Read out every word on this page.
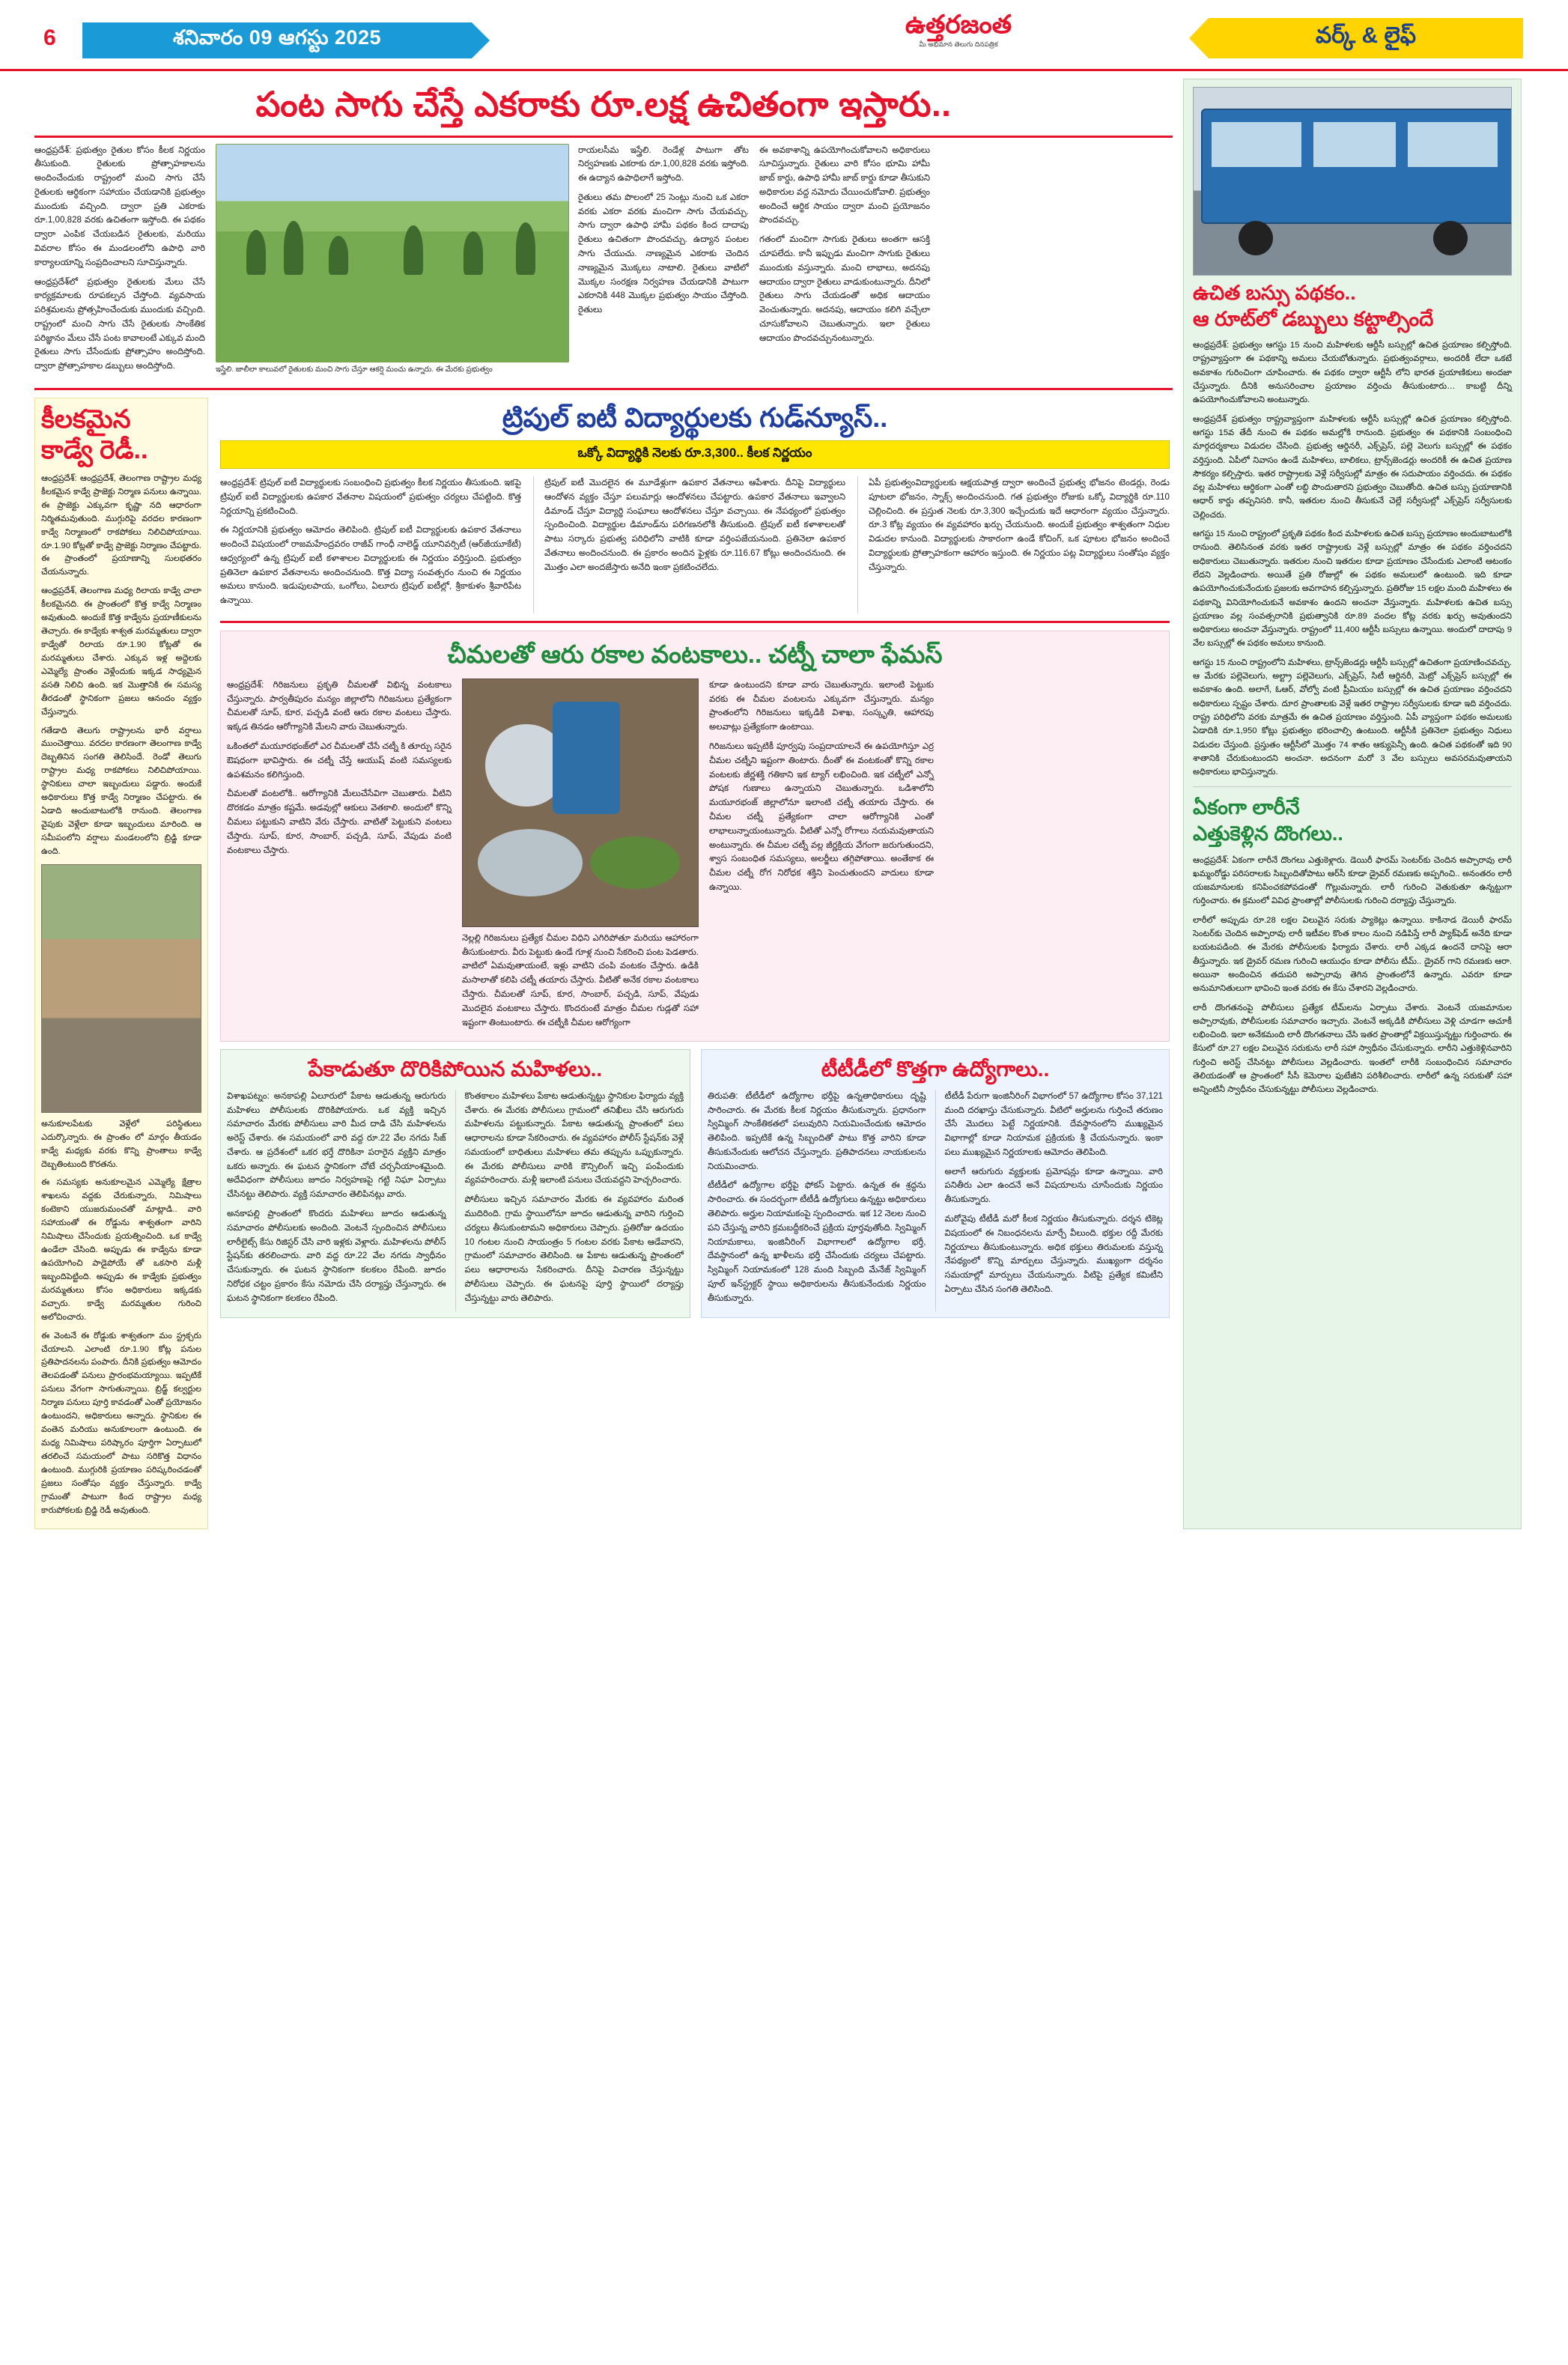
6	శనివారం 09 ఆగస్టు 2025	ఉత్తరజంత
మీ అభిమాన తెలుగు దినపత్రిక	వర్క్ & లైఫ్
పంట సాగు చేస్తే ఎకరాకు రూ.లక్ష ఉచితంగా ఇస్తారు..

ఆంధ్రప్రదేశ్: ప్రభుత్వం రైతుల కోసం కీలక నిర్ణయం తీసుకుంది. రైతులకు ప్రోత్సాహకాలను అందించేందుకు రాష్ట్రంలో మంచి సాగు చేసే రైతులకు ఆర్థికంగా సహాయం చేయడానికి ప్రభుత్వం ముందుకు వచ్చింది. ద్వారా ప్రతి ఎకరాకు రూ.1,00,828 వరకు ఉచితంగా ఇస్తోంది. ఈ పథకం ద్వారా ఎంపిక చేయబడిన రైతులకు, మరియు వివరాల కోసం ఈ మండలంలోని ఉపాధి వారి కార్యాలయాన్ని సంప్రదించాలని సూచిస్తున్నారు.

ఆంధ్రప్రదేశ్‌లో ప్రభుత్వం రైతులకు మేలు చేసే కార్యక్రమాలకు రూపకల్పన చేస్తోంది. వ్యవసాయ పరిశ్రమలను ప్రోత్సహించేందుకు ముందుకు వచ్చింది. రాష్ట్రంలో మంచి సాగు చేసే రైతులకు సాంకేతిక పరిజ్ఞానం మేలు చేసే పంట కావాలంటే ఎక్కువ మంది రైతులు సాగు చేసేందుకు ప్రోత్సాహం అందిస్తోంది. ద్వారా ప్రోత్సాహకాల డబ్బులు అందిస్తోంది.	ఇస్త్రేలి. జాలీలా కాలువలో రైతులకు మంచి సాగు చేస్తూ ఆకర్షి మంచు ఉన్నారు. ఈ మేరకు ప్రభుత్వం

రాయలసీమ ఇస్త్రేలి. రెండేళ్ల పాటుగా తోట నిర్వహణకు ఎకరాకు రూ.1,00,828 వరకు ఇస్తోంది. ఈ ఉద్యాన ఉపాధిలాగే ఇస్తోంది.

రైతులు తమ పొలంలో 25 సెంట్లు నుంచి ఒక ఎకరా వరకు ఎకరా వరకు మంచిగా సాగు చేయవచ్చు. సాగు ద్వారా ఉపాధి హామీ పథకం కింద దాదాపు రైతులు ఉచితంగా పొందవచ్చు. ఉద్యాన పంటల సాగు చేయుచు. నాణ్యమైన ఎకరాకు చెందిన నాణ్యమైన మొక్కలు నాటాలి. రైతులు వాటిలో మొక్కల సంరక్షణ నిర్వహణ చేయడానికి పాటుగా ఎకరానికి 448 మొక్కల ప్రభుత్వం సాయం చేస్తోంది. రైతులు

ఈ అవకాశాన్ని ఉపయోగించుకోవాలని అధికారులు సూచిస్తున్నారు. రైతులు వారి కోసం భూమి హామీ జాబ్ కార్డు, ఉపాధి హామీ జాబ్ కార్డు కూడా తీసుకుని అధికారుల వద్ద నమోదు చేయించుకోవాలి. ప్రభుత్వం అందించే ఆర్థిక సాయం ద్వారా మంచి ప్రయోజనం పొందవచ్చు.

గతంలో మంచిగా సాగుకు రైతులు అంతగా ఆసక్తి చూపలేదు. కానీ ఇప్పుడు మంచిగా సాగుకు రైతులు ముందుకు వస్తున్నారు. మంచి లాభాలు, అదనపు ఆదాయం ద్వారా రైతులు వాడుకుంటున్నారు. దీనిలో రైతులు సాగు చేయడంతో అధిక ఆదాయం వెంచుతున్నారు. అదనపు, ఆదాయం కలిగి వచ్చేలా చూసుకోవాలని చెబుతున్నారు. ఇలా రైతులు ఆదాయం పొందవచ్చునంటున్నారు.

కీలకమైన
కాడ్వే రెడీ..

ఆంధ్రప్రదేశ్: ఆంధ్రప్రదేశ్, తెలంగాణ రాష్ట్రాల మధ్య కీలకమైన కాడ్వే ప్రాజెక్టు నిర్మాణ పనులు ఉన్నాయి. ఈ ప్రాజెక్టు ఎక్కువగా కృష్ణా నది ఆధారంగా నిర్మితమవుతుంది. ముగ్గురిపై వరదల కారణంగా కాడ్వే నిర్మాణంలో రాకపోకలు నిలిచిపోయాయి. రూ.1.90 కోట్లతో కాడ్వే ప్రాజెక్టు నిర్మాణం చేపట్టారు. ఈ ప్రాంతంలో ప్రయాణాన్ని సులభతరం చేయనున్నారు.

ఆంధ్రప్రదేశ్, తెలంగాణ మధ్య రిలాయ కాడ్వే చాలా కీలకమైనది. ఈ ప్రాంతంలో కొత్త కాడ్వే నిర్మాణం అవుతుంది. అందుకే కొత్త కాడ్వేను ప్రయాణీకులను తెచ్చారు. ఈ కాడ్వేకు శాశ్వత మరమ్మతులు ద్వారా కాడ్వేతో రిలాయ రూ.1.90 కోట్లతో ఈ మరమ్మతులు చేశారు. ఎక్కువ ఇళ్ల అద్దెలకు ఎమ్మెల్యే ప్రాంతం వెళ్లేందుకు ఇక్కడ సాధ్యమైన వసతి నిలిచి ఉంది. ఇక మొత్తానికి ఈ సమస్య తీరడంతో స్థానికంగా ప్రజలు ఆనందం వ్యక్తం చేస్తున్నారు.

గతేడాది తెలుగు రాష్ట్రాలను భారీ వర్షాలు ముంచెత్తాయి. వరదల కారణంగా తెలంగాణ కాడ్వే దెబ్బతినిన సంగతి తెలిసిందే. రెండో తెలుగు రాష్ట్రాల మధ్య రాకపోకలు నిలిచిపోయాయి. స్థానికులు చాలా ఇబ్బందులు పడ్డారు. అందుకే అధికారులు కొత్త కాడ్వే నిర్మాణం చేపట్టారు. ఈ ఏడాది అందుబాటులోకి రానుంది. తెలంగాణ వైపుకు వెళ్లేలా కూడా ఇబ్బందులు మారింది. ఆ సమీపంలోని వర్షాలు మండలంలోని బ్రిడ్జి కూడా ఉంది.

అనుకూలపేటకు వెళ్లేలో పరిస్థితులు ఎదుర్కొన్నారు. ఈ ప్రాంతం లో మార్గం తీయడం కాడ్వే మధ్యకు వరకు కొన్ని ప్రాంతాలు కాడ్వే దెబ్బతింటుంది కొరతను.

ఈ సమస్యకు అనుకూలమైన ఎమ్మెల్యే క్షేత్రాల శాఖలను వద్దకు చేరుకున్నారు, నిమిషాలు కంటెకాని యుజరుమంచతో మాట్లాడి.. వారి సహాయంతో ఈ రోడ్డును శాశ్వతంగా వారిని నిమిషాలు చేసేందుకు ప్రయత్నించింది. ఒక కాడ్వే ఉండేలా చేసింది. అప్పుడు ఈ కాడ్వేను కూడా ఉపయోగించి పాడైపోయే తో ఒకసారి మళ్లీ ఇబ్బందిపెట్టింది. అప్పుడు ఈ కాడ్వేకు ప్రభుత్వం మరమ్మతులు కోసం అధికారులు ఇక్కడకు వచ్చారు. కాడ్వే మరమ్మతుల గురించి అలోచించారు.

ఈ వెంటనే ఈ రోడ్డుకు శాశ్వతంగా మం స్ట్రక్చరు చేయాలని. ఎలాంటి రూ.1.90 కోట్ల పనుల ప్రతిపాదనలను పంపారు. దీనికి ప్రభుత్వం ఆమోదం తెలపడంతో పనులు ప్రారంభమయ్యాయి. ఇప్పటికే పనులు వేగంగా సాగుతున్నాయి. బ్రిడ్జ్ కల్వర్టుల నిర్మాణ పనులు పూర్తి కావడంతో ఎంతో ప్రయోజనం ఉంటుందని, అధికారులు అన్నారు. స్థానికుల ఈ వంతెన మరియు అనుకూలంగా ఉంటుంది. ఈ మధ్య నిమిషాలు పరిష్కారం పూర్తిగా ఏర్పాటులో తరలించే సమయంలో పాటు సరికొత్త విధానం ఉంటుంది. ముగ్గురికి ప్రయాణం పరిష్కరించడంతో ప్రజలు సంతోషం వ్యక్తం చేస్తున్నారు. కాడ్వే గ్రామంతో పాటుగా కింద రాష్ట్రాల మధ్య కారుపోకలకు బ్రిడ్జి రెడీ అవుతుంది.

ట్రిపుల్ ఐటీ విద్యార్థులకు గుడ్‌న్యూస్..
ఒక్కో విద్యార్థికి నెలకు రూ.3,300.. కీలక నిర్ణయం

ఆంధ్రప్రదేశ్: ట్రిపుల్ ఐటీ విద్యార్థులకు సంబంధించి ప్రభుత్వం కీలక నిర్ణయం తీసుకుంది. ఇకపై ట్రిపుల్ ఐటీ విద్యార్థులకు ఉపకార వేతనాల విషయంలో ప్రభుత్వం చర్యలు చేపట్టింది. కొత్త నిర్ణయాన్ని ప్రకటించింది.

ఈ నిర్ణయానికి ప్రభుత్వం ఆమోదం తెలిపింది. ట్రిపుల్ ఐటీ విద్యార్థులకు ఉపకార వేతనాలు అందించే విషయంలో రాజమహేంద్రవరం రాజీవ్ గాంధీ నాలెడ్జ్ యూనివర్సిటీ (ఆర్‌జీయూకేటీ) ఆధ్వర్యంలో ఉన్న ట్రిపుల్ ఐటీ కళాశాలల విద్యార్థులకు ఈ నిర్ణయం వర్తిస్తుంది. ప్రభుత్వం ప్రతినెలా ఉపకార వేతనాలను అందించనుంది. కొత్త విద్యా సంవత్సరం నుంచి ఈ నిర్ణయం అమలు కానుంది. ఇడుపులపాయ, ఒంగోలు, ఏలూరు ట్రిపుల్ ఐటీల్లో, శ్రీకాకుళం శ్రీవారిపేట ఉన్నాయి.

ట్రిపుల్ ఐటీ మొదలైన ఈ మూడేళ్లుగా ఉపకార వేతనాలు ఆపేశారు. దీనిపై విద్యార్థులు ఆందోళన వ్యక్తం చేస్తూ పలుమార్లు ఆందోళనలు చేపట్టారు. ఉపకార వేతనాలు ఇవ్వాలని డిమాండ్ చేస్తూ విద్యార్థి సంఘాలు ఆందోళనలు చేస్తూ వచ్చాయి. ఈ నేపథ్యంలో ప్రభుత్వం స్పందించింది. విద్యార్థుల డిమాండ్‌ను పరిగణనలోకి తీసుకుంది. ట్రిపుల్ ఐటీ కళాశాలలతో పాటు సర్కారు ప్రభుత్వ పరిధిలోని వాటికి కూడా వర్తింపజేయనుంది. ప్రతినెలా ఉపకార వేతనాలు అందించనుంది. ఈ ప్రకారం అందిన ఫైళ్లకు రూ.116.67 కోట్లు అందించనుంది. ఈ మొత్తం ఎలా అందజేస్తారు అనేది ఇంకా ప్రకటించలేదు.

ఏపీ ప్రభుత్వంవిద్యార్థులకు ఆక్షయపాత్ర ద్వారా అందించే ప్రభుత్వ భోజనం టెండర్లు, రెండు పూటలా భోజనం, స్నాక్స్ అందించనుంది. గత ప్రభుత్వం రోజుకు ఒక్కో విద్యార్థికి రూ.110 చెల్లించింది. ఈ ప్రస్తుత నెలకు రూ.3,300 ఇచ్చేందుకు ఇదే ఆధారంగా వ్యయం చేస్తున్నారు. రూ.3 కోట్ల వ్యయం ఈ వ్యవహారం ఖర్చు చేయనుంది. అందుకే ప్రభుత్వం శాశ్వతంగా నిధుల విడుదల కానుంది. విద్యార్థులకు సాకారంగా ఉండే కోచింగ్, ఒక పూటల భోజనం అందించే విద్యార్థులకు ప్రోత్సాహకంగా ఆహారం ఇస్తుంది. ఈ నిర్ణయం పట్ల విద్యార్థులు సంతోషం వ్యక్తం చేస్తున్నారు.

చీమలతో ఆరు రకాల వంటకాలు.. చట్నీ చాలా ఫేమస్

ఆంధ్రప్రదేశ్: గిరిజనులు ప్రకృతి చీమలతో విభిన్న వంటకాలు చేస్తున్నారు. పార్వతీపురం మన్యం జిల్లాలోని గిరిజనులు ప్రత్యేకంగా చీమలతో సూప్, కూర, పచ్చడి వంటి ఆరు రకాల వంటలు చేస్తారు. ఇక్కడ తినడం ఆరోగ్యానికి మేలని వారు చెబుతున్నారు.

ఒకింతలో మయూరభంజ్‌లో ఎర చీమలతో చేసే చట్నీ కి తూర్పు సరైన ఔషధంగా భావిస్తారు. ఈ చట్నీ చేస్తే ఆయుష్ వంటి సమస్యలకు ఉపశమనం కలిగిస్తుంది.

చీమలతో వంటలోకి.. ఆరోగ్యానికి మేలుచేసేవిగా చెబుతారు. వీటిని దొరకడం మాత్రం కష్టమే. అడవుల్లో ఆకులు వెతకాలి. అందులో కొన్ని చీమలు పట్టుకుని వాటిని వేరు చేస్తారు. వాటితో పెట్టుకుని వంటలు చేస్తారు. సూప్, కూర, సాంబార్, పచ్చడి, సూప్, వేపుడు వంటి వంటకాలు చేస్తారు.

నెల్లల్లి గిరిజనులు ప్రత్యేక చీమల విధిని ఎగిరిపోతూ మరియు ఆహారంగా తీసుకుంటారు. వీరు పెట్టుకు ఉండే గూళ్ల నుంచి సేకరించి పంట పెడతారు. వాటిలో ఏమవుతాయంటే, ఇళ్లు వాటిని చంపి వంటకం చేస్తారు. ఉడికి మసాలాతో కలిపి చట్నీ తయారు చేస్తారు. వీటితో అనేక రకాల వంటకాలు చేస్తారు. చీమలతో సూప్, కూర, సాంబార్, పచ్చడి, సూప్, వేపుడు మొదలైన వంటకాలు చేస్తారు. కొందరుంటే మాత్రం చీమల గుడ్లతో సహా ఇష్టంగా తింటుంటారు. ఈ చట్నీకి చీమల ఆరోగ్యంగా

కూడా ఉంటుందని కూడా వారు చెబుతున్నారు. ఇలాంటి పెట్టుకు వరకు ఈ చీమల వంటలను ఎక్కువగా చేస్తున్నారు. మన్యం ప్రాంతంలోని గిరిజనులు ఇక్కడికి విశాఖ, సంస్కృతి, ఆహారపు అలవాట్లు ప్రత్యేకంగా ఉంటాయి.

గిరిజనులు ఇప్పటికీ పూర్వపు సంప్రదాయాలనే ఈ ఉపయోగిస్తూ ఎర్ర చీమల చట్నీని ఇష్టంగా తింటారు. దీంతో ఈ వంటకంతో కొన్ని రకాల వంటలకు జీర్ణశక్తి గతికాని ఇక ట్యాగ్ లభించింది. ఇక చట్నీలో ఎన్నో పోషక గుణాలు ఉన్నాయని చెబుతున్నారు. ఒడిశాలోని మయూరభంజ్ జిల్లాలోనూ ఇలాంటి చట్నీ తయారు చేస్తారు. ఈ చీమల చట్నీ ప్రత్యేకంగా చాలా ఆరోగ్యానికి ఎంతో లాభాలున్నాయంటున్నారు. వీటితో ఎన్నో రోగాలు నయమవుతాయని అంటున్నారు. ఈ చీమల చట్నీ వల్ల జీర్ణక్రియ వేగంగా జరుగుతుందని, శ్వాస సంబంధిత సమస్యలు, అలర్జీలు తగ్గిపోతాయి. అంతేకాక ఈ చీమల చట్నీ రోగ నిరోధక శక్తిని పెంచుతుందని వాదులు కూడా ఉన్నాయి.

పేకాడుతూ దొరికిపోయిన మహిళలు..

విశాఖపట్నం: అనకాపల్లి ఏలూరులో పేకాట ఆడుతున్న ఆరుగురు మహిళలు పోలీసులకు దొరికిపోయారు. ఒక వ్యక్తి ఇచ్చిన సమాచారం మేరకు పోలీసులు వారి మీద దాడి చేసి మహిళలను అరెస్ట్ చేశారు. ఈ సమయంలో వారి వద్ద రూ.22 వేల నగదు సీజ్ చేశారు. ఆ ప్రదేశంలో ఒకర భర్తే దొరికినా పరారైన వ్యక్తిని మాత్రం ఒకరు అన్నారు. ఈ ఘటన స్థానికంగా చోటే చర్చనీయాంశమైంది. అదేవిధంగా పోలీసులు జూదం నిర్వహణపై గట్టి నిఘా ఏర్పాటు చేసినట్టు తెలిపారు. వ్యక్తి సమాచారం తెలిపినట్లు వారు.

అనకాపల్లి ప్రాంతంలో కొందరు మహిళలు జూదం ఆడుతున్న సమాచారం పోలీసులకు అందింది. వెంటనే స్పందించిన పోలీసులు లారీలైట్స్ కేసు రిజిస్టర్ చేసి వారి ఇళ్లకు వెళ్లారు. మహిళలను పోలీస్ స్టేషన్‌కు తరలించారు. వారి వద్ద రూ.22 వేల నగదు స్వాధీనం చేసుకున్నారు. ఈ ఘటన స్థానికంగా కలకలం రేపింది. జూదం నిరోధక చట్టం ప్రకారం కేసు నమోదు చేసి దర్యాప్తు చేస్తున్నారు. ఈ ఘటన స్థానికంగా కలకలం రేపింది.

కొంతకాలం మహిళలు పేకాట ఆడుతున్నట్టు స్థానికుల ఫిర్యాదు వ్యక్తి చేశారు. ఈ మేరకు పోలీసులు గ్రామంలో తనిఖీలు చేసి ఆరుగురు మహిళలను పట్టుకున్నారు. పేకాట ఆడుతున్న ప్రాంతంలో పలు ఆధారాలను కూడా సేకరించారు. ఈ వ్యవహారం పోలీస్ స్టేషన్‌కు వెళ్లే సమయంలో బాధితులు మహిళలు తమ తప్పును ఒప్పుకున్నారు. ఈ మేరకు పోలీసులు వారికి కౌన్సిలింగ్ ఇచ్చి పంపేందుకు వ్యవహరించారు. మళ్లీ ఇలాంటి పనులు చేయవద్దని హెచ్చరించారు.

పోలీసులు ఇచ్చిన సమాచారం మేరకు ఈ వ్యవహారం మరింత ముదిరింది. గ్రామ స్థాయిలోనూ జూదం ఆడుతున్న వారిని గుర్తించి చర్యలు తీసుకుంటామని అధికారులు చెప్పారు. ప్రతిరోజు ఉదయం 10 గంటల నుంచి సాయంత్రం 5 గంటల వరకు పేకాట ఆడేవారని, గ్రామంలో సమాచారం తెలిసింది. ఆ పేకాట ఆడుతున్న ప్రాంతంలో పలు ఆధారాలను సేకరించారు. దీనిపై విచారణ చేస్తున్నట్టు పోలీసులు చెప్పారు. ఈ ఘటనపై పూర్తి స్థాయిలో దర్యాప్తు చేస్తున్నట్టు వారు తెలిపారు.

టీటీడీలో కొత్తగా ఉద్యోగాలు..

తిరుపతి: టీటీడీలో ఉద్యోగాల భర్తీపై ఉన్నతాధికారులు దృష్టి సారించారు. ఈ మేరకు కీలక నిర్ణయం తీసుకున్నారు. ప్రధానంగా స్విమ్మింగ్ సాంకేతికతలో పలువురిని నియమించేందుకు ఆమోదం తెలిపింది. ఇప్పటికే ఉన్న సిబ్బందితో పాటు కొత్త వారిని కూడా తీసుకునేందుకు ఆలోచన చేస్తున్నారు. ప్రతిపాదనలు నాయకులను నియమించారు.

టీటీడీలో ఉద్యోగాల భర్తీపై ఫోకస్ పెట్టారు. ఉన్నత ఈ శ్రద్ధను సారించారు. ఈ సందర్భంగా టీటీడీ ఉద్యోగులు ఉన్నట్టు అధికారులు తెలిపారు. అర్హుల నియామకంపై స్పందించారు. ఇక 12 నెలల నుంచి పని చేస్తున్న వారిని క్రమబద్ధీకరించే ప్రక్రియ పూర్తవుతోంది. స్విమ్మింగ్ నియామకాలు, ఇంజినీరింగ్ విభాగాలలో ఉద్యోగాల భర్తీ, దేవస్థానంలో ఉన్న ఖాళీలను భర్తీ చేసేందుకు చర్యలు చేపట్టారు. స్విమ్మింగ్ నియామకంలో 128 మంది సిబ్బంది మేనేజ్ స్విమ్మింగ్ పూల్ ఇన్‌స్ట్రక్టర్ స్థాయి అధికారులను తీసుకునేందుకు నిర్ణయం తీసుకున్నారు.

టీటీడీ పేరుగా ఇంజినీరింగ్ విభాగంలో 57 ఉద్యోగాల కోసం 37,121 మంది దరఖాస్తు చేసుకున్నారు. వీటిలో అర్హులను గుర్తించే తరుణం చేసే మొదలు పెట్టే నిర్ణయానికి. దేవస్థానంలోని ముఖ్యమైన విభాగాల్లో కూడా నియామక ప్రక్రియకు శ్రీ చేయనున్నారు. ఇంకా పలు ముఖ్యమైన నిర్ణయాలకు ఆమోదం తెలిపింది.

అలాగే ఆరుగురు వ్యక్తులకు ప్రమోషన్లు కూడా ఉన్నాయి. వారి పనితీరు ఎలా ఉందనే అనే విషయాలను చూసేందుకు నిర్ణయం తీసుకున్నారు.

మరోవైపు టీటీడీ మరో కీలక నిర్ణయం తీసుకున్నారు. దర్శన టికెట్ల విషయంలో ఈ నిబంధనలను మార్చే వీలుంది. భక్తుల రద్దీ మేరకు నిర్ణయాలు తీసుకుంటున్నారు. అధిక భక్తులు తిరుమలకు వస్తున్న నేపథ్యంలో కొన్ని మార్పులు చేస్తున్నారు. ముఖ్యంగా దర్శనం సమయాల్లో మార్పులు చేయనున్నారు. వీటిపై ప్రత్యేక కమిటీని ఏర్పాటు చేసిన సంగతి తెలిసింది.

ఉచిత బస్సు పథకం..
ఆ రూట్‌లో డబ్బులు కట్టాల్సిందే

ఆంధ్రప్రదేశ్: ప్రభుత్వం ఆగస్టు 15 నుంచి మహిళలకు ఆర్టీసీ బస్సుల్లో ఉచిత ప్రయాణం కల్పిస్తోంది. రాష్ట్రవ్యాప్తంగా ఈ పథకాన్ని అమలు చేయబోతున్నారు. ప్రభుత్వంవర్గాలు, అందరికీ లేదా ఒకటే అవకాశం గురించింగా చూపించారు. ఈ పథకం ద్వారా ఆర్టీసీ లోని భారత ప్రయాణికులు అందజా చేస్తున్నారు. దీనికి అనుసరించాల ప్రయాణం వర్తించు తీసుకుంటారు… కాబట్టి దీన్ని ఉపయోగించుకోవాలని అంటున్నారు.

ఆంధ్రప్రదేశ్ ప్రభుత్వం రాష్ట్రవ్యాప్తంగా మహిళలకు ఆర్టీసీ బస్సుల్లో ఉచిత ప్రయాణం కల్పిస్తోంది. ఆగస్టు 15వ తేదీ నుంచి ఈ పథకం అమల్లోకి రానుంది. ప్రభుత్వం ఈ పథకానికి సంబంధించి మార్గదర్శకాలు విడుదల చేసింది. ప్రభుత్వ ఆర్డినరీ, ఎక్స్‌ప్రెస్, పల్లె వెలుగు బస్సుల్లో ఈ పథకం వర్తిస్తుంది. ఏపీలో నివాసం ఉండే మహిళలు, బాలికలు, ట్రాన్స్‌జెండర్లు అందరికీ ఈ ఉచిత ప్రయాణ సౌకర్యం కల్పిస్తారు. ఇతర రాష్ట్రాలకు వెళ్లే సర్వీసుల్లో మాత్రం ఈ సదుపాయం వర్తించదు. ఈ పథకం వల్ల మహిళలు ఆర్థికంగా ఎంతో లబ్ధి పొందుతారని ప్రభుత్వం చెబుతోంది. ఉచిత బస్సు ప్రయాణానికి ఆధార్ కార్డు తప్పనిసరి. కానీ, ఇతరుల నుంచి తీసుకునే చెల్లే సర్వీసుల్లో ఎక్స్‌ప్రెస్ సర్వీసులకు చెల్లించరు.

ఆగస్టు 15 నుంచి రాష్ట్రంలో ప్రకృతి పథకం కింద మహిళలకు ఉచిత బస్సు ప్రయాణం అందుబాటులోకి రానుంది. తెలిసినంత వరకు ఇతర రాష్ట్రాలకు వెళ్లే బస్సుల్లో మాత్రం ఈ పథకం వర్తించదని అధికారులు చెబుతున్నారు. ఇతరుల నుంచి ఇతరుల కూడా ప్రయాణం చేసేందుకు ఎలాంటి ఆటంకం లేదని వెల్లడించారు. అయితే ప్రతి రోజుల్లో ఈ పథకం అమలులో ఉంటుంది. ఇది కూడా ఉపయోగించుకునేందుకు ప్రజలకు అవగాహన కల్పిస్తున్నారు. ప్రతిరోజు 15 లక్షల మంది మహిళలు ఈ పథకాన్ని వినియోగించుకునే అవకాశం ఉందని అంచనా వేస్తున్నారు. మహిళలకు ఉచిత బస్సు ప్రయాణం వల్ల సంవత్సరానికి ప్రభుత్వానికి రూ.89 వందల కోట్ల వరకు ఖర్చు అవుతుందని అధికారులు అంచనా వేస్తున్నారు. రాష్ట్రంలో 11,400 ఆర్టీసీ బస్సులు ఉన్నాయి. అందులో దాదాపు 9 వేల బస్సుల్లో ఈ పథకం అమలు కానుంది.

ఆగస్టు 15 నుంచి రాష్ట్రంలోని మహిళలు, ట్రాన్స్‌జెండర్లు ఆర్టీసీ బస్సుల్లో ఉచితంగా ప్రయాణించవచ్చు. ఆ మేరకు పల్లెవెలుగు, అల్ట్రా పల్లెవెలుగు, ఎక్స్‌ప్రెస్, సిటీ ఆర్డినరీ, మెట్రో ఎక్స్‌ప్రెస్ బస్సుల్లో ఈ అవకాశం ఉంది. అలాగే, ఓఆర్, వోల్వో వంటి ప్రీమియం బస్సుల్లో ఈ ఉచిత ప్రయాణం వర్తించదని అధికారులు స్పష్టం చేశారు. దూర ప్రాంతాలకు వెళ్లే ఇతర రాష్ట్రాల సర్వీసులకు కూడా ఇది వర్తించదు. రాష్ట్ర పరిధిలోని వరకు మాత్రమే ఈ ఉచిత ప్రయాణం వర్తిస్తుంది. ఏపీ వ్యాప్తంగా పథకం అమలుకు ఏడాదికి రూ.1,950 కోట్లు ప్రభుత్వం భరించాల్సి ఉంటుంది. ఆర్టీసీకి ప్రతినెలా ప్రభుత్వం నిధులు విడుదల చేస్తుంది. ప్రస్తుతం ఆర్టీసీలో మొత్తం 74 శాతం ఆక్యుపెన్సీ ఉంది. ఉచిత పథకంతో ఇది 90 శాతానికి చేరుకుంటుందని అంచనా. అదనంగా మరో 3 వేల బస్సులు అవసరమవుతాయని అధికారులు భావిస్తున్నారు.

ఏకంగా లారీనే
ఎత్తుకెళ్లిన దొంగలు..

ఆంధ్రప్రదేశ్: ఏకంగా లారీనే దొంగలు ఎత్తుకెళ్లారు. డెయిరీ ఫారమ్ సెంటర్‌కు చెందిన అప్పారావు లారీ ఖమ్మంరోడ్డు పరిసరాలకు సిబ్బందితోపాటు ఆర్‌సీ కూడా డ్రైవర్ రమణకు అప్పగించి.. అనంతరం లారీ యజమానులకు కనిపించకపోవడంతో గొల్లుమన్నారు. లారీ గురించి వెతుకుతూ ఉన్నట్టుగా గుర్తించారు. ఈ క్రమంలో వివిధ ప్రాంతాల్లో పోలీసులకు గురించి దర్యాప్తు చేస్తున్నారు.

లారీలో అప్పుడు రూ.28 లక్షల విలువైన సరుకు ప్యాకెట్లు ఉన్నాయి. కాకినాడ డెయిరీ ఫారమ్ సెంటర్‌కు చెందిన అప్పారావు లారీ ఇటీవల కొంత కాలం నుంచి నడిపిస్తే లారీ ప్యాక్‌ఫెడ్ అనేది కూడా బయటపడింది. ఈ మేరకు పోలీసులకు ఫిర్యాదు చేశారు. లారీ ఎక్కడ ఉందనే దానిపై ఆరా తీస్తున్నారు. ఇక డ్రైవర్ రమణ గురించి ఆయుధం కూడా పోలీసు టీమ్.. డ్రైవర్ గాని రమణకు ఆరా. అయినా అందించిన తదుపరి అప్పారావు తెగిన ప్రాంతంలోనే ఉన్నారు. ఎవరూ కూడా అనుమానితులుగా భావించి ఇంత వరకు ఈ కేసు చేశారని వెల్లడించారు.

లారీ దొంగతనంపై పోలీసులు ప్రత్యేక టీమ్‌లను ఏర్పాటు చేశారు. వెంటనే యజమానుల అప్పారావుకు, పోలీసులకు సమాచారం ఇచ్చారు. వెంటనే అక్కడికి పోలీసులు వెళ్లి చూడగా ఆచూకీ లభించింది. ఇలా అనేకమంది లారీ దొంగతనాలు చేసి ఇతర ప్రాంతాల్లో విక్రయిస్తున్నట్టు గుర్తించారు. ఈ కేసులో రూ.27 లక్షల విలువైన సరుకును లారీ సహా స్వాధీనం చేసుకున్నారు. లారీని ఎత్తుకెళ్లినవారిని గుర్తించి అరెస్ట్ చేసినట్టు పోలీసులు వెల్లడించారు. ఇంతలో లారీకి సంబంధించిన సమాచారం తెలియడంతో ఆ ప్రాంతంలో సీసీ కెమెరాల ఫుటేజీని పరిశీలించారు. లారీలో ఉన్న సరుకుతో సహా అన్నింటినీ స్వాధీనం చేసుకున్నట్టు పోలీసులు వెల్లడించారు.
